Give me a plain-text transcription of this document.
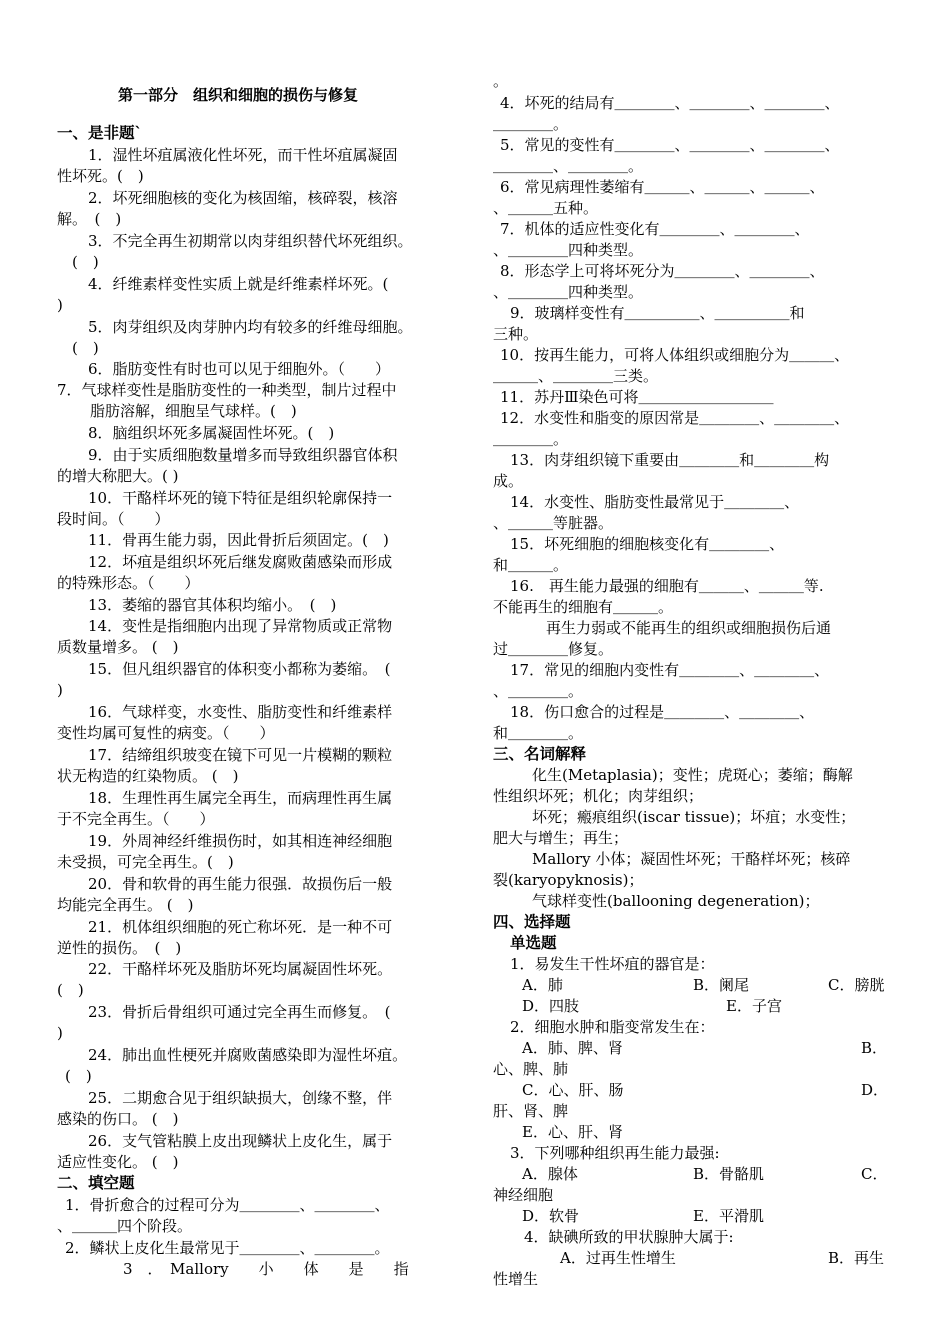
第一部分　组织和细胞的损伤与修复
一、是非题`
1．湿性坏疽属液化性坏死，而干性坏疽属凝固
性坏死。(　)
2．坏死细胞核的变化为核固缩，核碎裂，核溶
解。　(　)
3．不完全再生初期常以肉芽组织替代坏死组织。
(　)
4．纤维素样变性实质上就是纤维素样坏死。(
)
5．肉芽组织及肉芽肿内均有较多的纤维母细胞。
(　)
6．脂肪变性有时也可以见于细胞外。（　　）
7．气球样变性是脂肪变性的一种类型，制片过程中
脂肪溶解，细胞呈气球样。(　)
8．脑组织坏死多属凝固性坏死。(　)
9．由于实质细胞数量增多而导致组织器官体积
的增大称肥大。( )
10．干酪样坏死的镜下特征是组织轮廓保持一
段时间。（　　）
11．骨再生能力弱，因此骨折后须固定。(　)
12．坏疽是组织坏死后继发腐败菌感染而形成
的特殊形态。（　　）
13．萎缩的器官其体积均缩小。　(　)
14．变性是指细胞内出现了异常物质或正常物
质数量增多。 (　)
15．但凡组织器官的体积变小都称为萎缩。　(
)
16．气球样变，水变性、脂肪变性和纤维素样
变性均属可复性的病变。（　　）
17．结缔组织玻变在镜下可见一片模糊的颗粒
状无构造的红染物质。 (　)
18．生理性再生属完全再生，而病理性再生属
于不完全再生。（　　）
19．外周神经纤维损伤时，如其相连神经细胞
未受损，可完全再生。(　)
20．骨和软骨的再生能力很强．故损伤后一般
均能完全再生。 (　)
21．机体组织细胞的死亡称坏死．是一种不可
逆性的损伤。　(　)
22．干酪样坏死及脂肪坏死均属凝固性坏死。
(　)
23．骨折后骨组织可通过完全再生而修复。　(
)
24．肺出血性梗死并腐败菌感染即为湿性坏疽。
(　)
25．二期愈合见于组织缺损大，创缘不整，伴
感染的伤口。 (　)
26．支气管粘膜上皮出现鳞状上皮化生，属于
适应性变化。 (　)
二、填空题
1．骨折愈合的过程可分为＿＿＿＿、＿＿＿＿、
、＿＿＿四个阶段。
2．鳞状上皮化生最常见于＿＿＿＿、＿＿＿＿。
3　．　Mallory　　小　　体　　是　　指
。
4．坏死的结局有＿＿＿＿、＿＿＿＿、＿＿＿＿、
＿＿＿＿。
5．常见的变性有＿＿＿＿、＿＿＿＿、＿＿＿＿、
＿＿＿＿、＿＿＿＿。
6．常见病理性萎缩有＿＿＿、＿＿＿、＿＿＿、
、＿＿＿五种。
7．机体的适应性变化有＿＿＿＿、＿＿＿＿、
、＿＿＿＿四种类型。
8．形态学上可将坏死分为＿＿＿＿、＿＿＿＿、
、＿＿＿＿四种类型。
9．玻璃样变性有＿＿＿＿＿、＿＿＿＿＿和
三种。
10．按再生能力，可将人体组织或细胞分为＿＿＿、
＿＿＿、＿＿＿＿三类。
11．苏丹Ⅲ染色可将＿＿＿＿＿＿＿＿＿
12．水变性和脂变的原因常是＿＿＿＿、＿＿＿＿、
＿＿＿＿。
13．肉芽组织镜下重要由＿＿＿＿和＿＿＿＿构
成。
14．水变性、脂肪变性最常见于＿＿＿＿、
、＿＿＿等脏器。
15．坏死细胞的细胞核变化有＿＿＿＿、
和＿＿＿。
16.　再生能力最强的细胞有＿＿＿、＿＿＿等.
不能再生的细胞有＿＿＿。
再生力弱或不能再生的组织或细胞损伤后通
过＿＿＿＿修复。
17．常见的细胞内变性有＿＿＿＿、＿＿＿＿、
、＿＿＿＿。
18．伤口愈合的过程是＿＿＿＿、＿＿＿＿、
和＿＿＿＿。
三、名词解释
化生(Metaplasia)；变性；虎斑心；萎缩；酶解
性组织坏死；机化；肉芽组织；
坏死；瘢痕组织(iscar tissue)；坏疽；水变性；
肥大与增生；再生；
Mallory 小体；凝固性坏死；干酪样坏死；核碎
裂(karyopyknosis)；
气球样变性(ballooning degeneration)；
四、选择题
单选题
1．易发生干性坏疽的器官是：
A．肺	B．阑尾	C．膀胱
D．四肢	E．子宫
2．细胞水肿和脂变常发生在：
A．肺、脾、肾	B．
心、脾、肺
C．心、肝、肠	D．
肝、肾、脾
E．心、肝、肾
3．下列哪种组织再生能力最强:
A．腺体	B．骨骼肌	C．
神经细胞
D．软骨	E．平滑肌
4．缺碘所致的甲状腺肿大属于:
A．过再生性增生	B．再生
性增生
